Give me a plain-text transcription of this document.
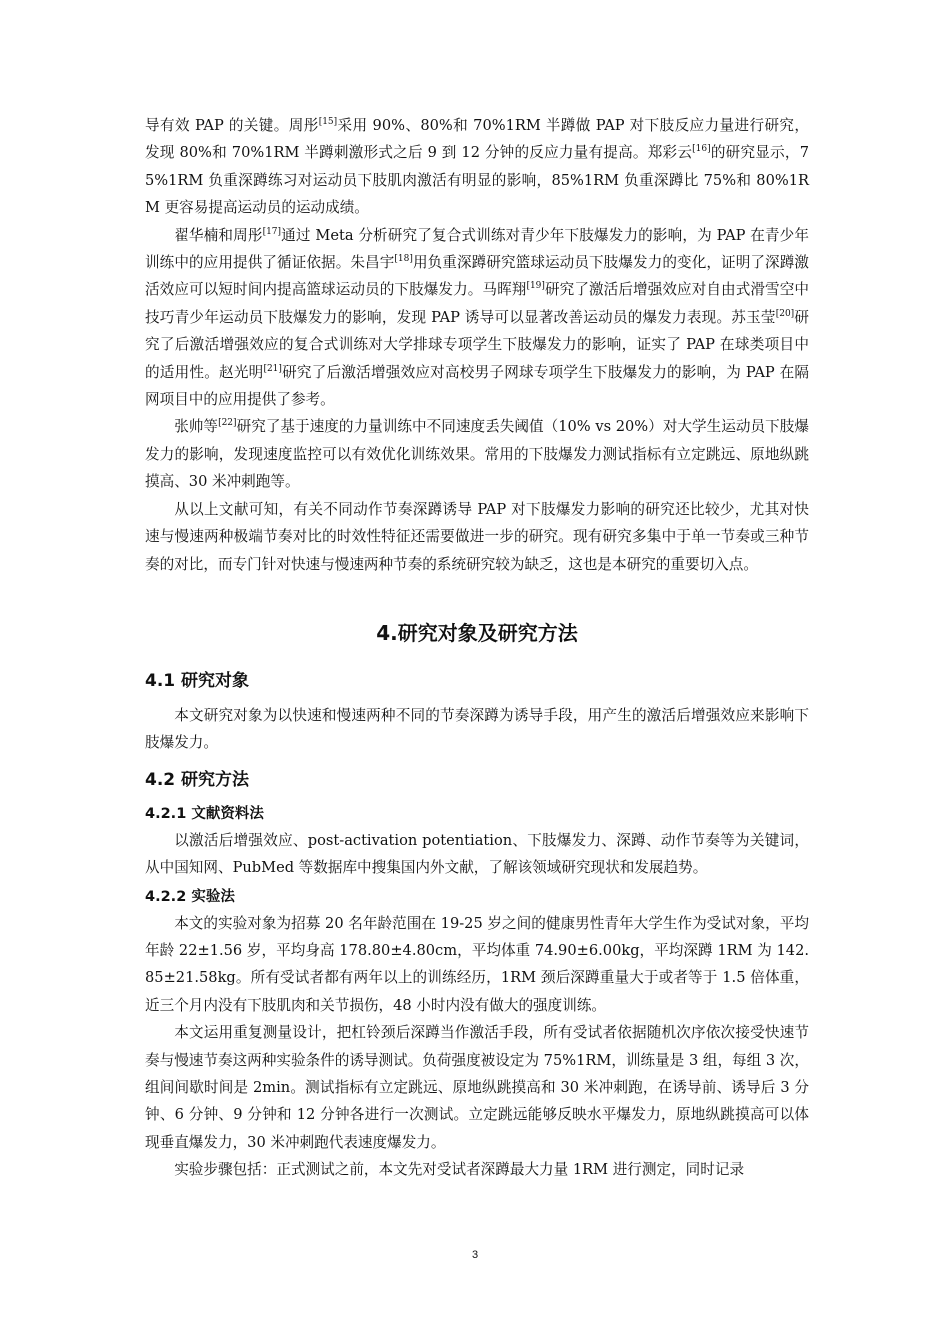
导有效 PAP 的关键。周彤[15]采用 90%、80%和 70%1RM 半蹲做 PAP 对下肢反应力量进行研究，发现 80%和 70%1RM 半蹲刺激形式之后 9 到 12 分钟的反应力量有提高。郑彩云[16]的研究显示，75%1RM 负重深蹲练习对运动员下肢肌肉激活有明显的影响，85%1RM 负重深蹲比 75%和 80%1RM 更容易提高运动员的运动成绩。

翟华楠和周彤[17]通过 Meta 分析研究了复合式训练对青少年下肢爆发力的影响，为 PAP 在青少年训练中的应用提供了循证依据。朱昌宇[18]用负重深蹲研究篮球运动员下肢爆发力的变化，证明了深蹲激活效应可以短时间内提高篮球运动员的下肢爆发力。马晖翔[19]研究了激活后增强效应对自由式滑雪空中技巧青少年运动员下肢爆发力的影响，发现 PAP 诱导可以显著改善运动员的爆发力表现。苏玉莹[20]研究了后激活增强效应的复合式训练对大学排球专项学生下肢爆发力的影响，证实了 PAP 在球类项目中的适用性。赵光明[21]研究了后激活增强效应对高校男子网球专项学生下肢爆发力的影响，为 PAP 在隔网项目中的应用提供了参考。

张帅等[22]研究了基于速度的力量训练中不同速度丢失阈值（10% vs 20%）对大学生运动员下肢爆发力的影响，发现速度监控可以有效优化训练效果。常用的下肢爆发力测试指标有立定跳远、原地纵跳摸高、30 米冲刺跑等。

从以上文献可知，有关不同动作节奏深蹲诱导 PAP 对下肢爆发力影响的研究还比较少，尤其对快速与慢速两种极端节奏对比的时效性特征还需要做进一步的研究。现有研究多集中于单一节奏或三种节奏的对比，而专门针对快速与慢速两种节奏的系统研究较为缺乏，这也是本研究的重要切入点。

4.研究对象及研究方法
4.1 研究对象

本文研究对象为以快速和慢速两种不同的节奏深蹲为诱导手段，用产生的激活后增强效应来影响下肢爆发力。

4.2 研究方法
4.2.1 文献资料法

以激活后增强效应、post-activation potentiation、下肢爆发力、深蹲、动作节奏等为关键词，从中国知网、PubMed 等数据库中搜集国内外文献，了解该领域研究现状和发展趋势。

4.2.2 实验法

本文的实验对象为招募 20 名年龄范围在 19-25 岁之间的健康男性青年大学生作为受试对象，平均年龄 22±1.56 岁，平均身高 178.80±4.80cm，平均体重 74.90±6.00kg，平均深蹲 1RM 为 142.85±21.58kg。所有受试者都有两年以上的训练经历，1RM 颈后深蹲重量大于或者等于 1.5 倍体重，近三个月内没有下肢肌肉和关节损伤，48 小时内没有做大的强度训练。

本文运用重复测量设计，把杠铃颈后深蹲当作激活手段，所有受试者依据随机次序依次接受快速节奏与慢速节奏这两种实验条件的诱导测试。负荷强度被设定为 75%1RM，训练量是 3 组，每组 3 次，组间间歇时间是 2min。测试指标有立定跳远、原地纵跳摸高和 30 米冲刺跑，在诱导前、诱导后 3 分钟、6 分钟、9 分钟和 12 分钟各进行一次测试。立定跳远能够反映水平爆发力，原地纵跳摸高可以体现垂直爆发力，30 米冲刺跑代表速度爆发力。

实验步骤包括：正式测试之前，本文先对受试者深蹲最大力量 1RM 进行测定，同时记录

3
